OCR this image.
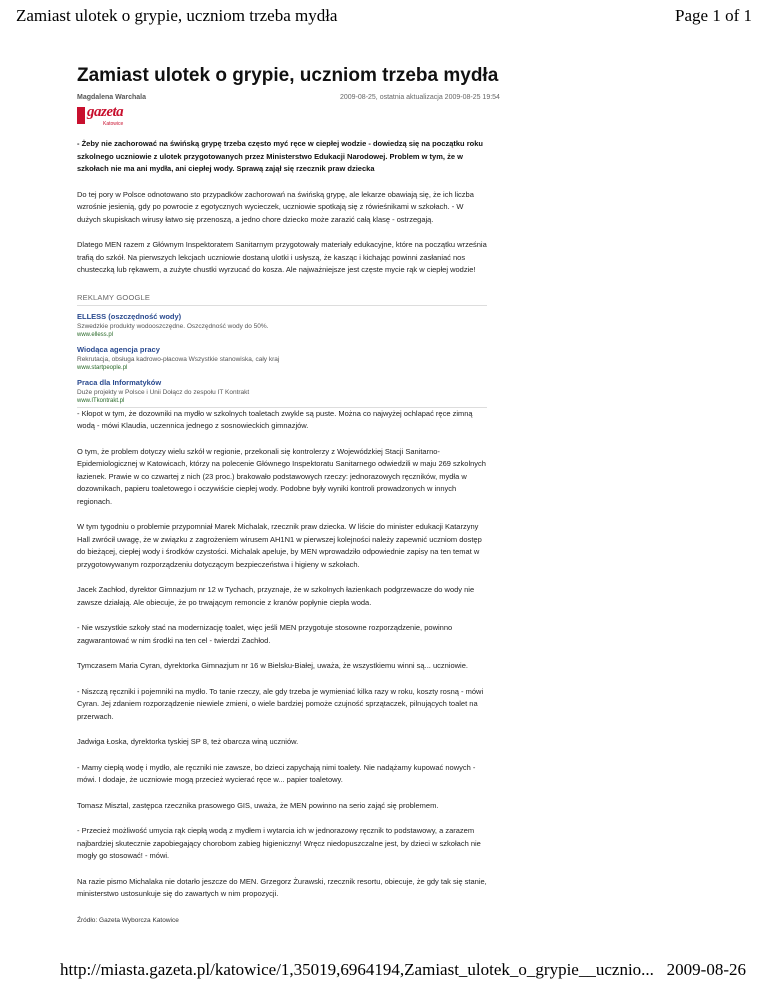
Zamiast ulotek o grypie, uczniom trzeba mydła	Page 1 of 1
Zamiast ulotek o grypie, uczniom trzeba mydła
Magdalena Warchala	2009-08-25, ostatnia aktualizacja 2009-08-25 19:54
gazeta
Katowice

- Żeby nie zachorować na świńską grypę trzeba często myć ręce w ciepłej wodzie - dowiedzą się na początku roku szkolnego uczniowie z ulotek przygotowanych przez Ministerstwo Edukacji Narodowej. Problem w tym, że w szkołach nie ma ani mydła, ani ciepłej wody. Sprawą zajął się rzecznik praw dziecka

Do tej pory w Polsce odnotowano sto przypadków zachorowań na świńską grypę, ale lekarze obawiają się, że ich liczba wzrośnie jesienią, gdy po powrocie z egotycznych wycieczek, uczniowie spotkają się z rówieśnikami w szkołach. - W dużych skupiskach wirusy łatwo się przenoszą, a jedno chore dziecko może zarazić całą klasę - ostrzegają.

Dlatego MEN razem z Głównym Inspektoratem Sanitarnym przygotowały materiały edukacyjne, które na początku września trafią do szkół. Na pierwszych lekcjach uczniowie dostaną ulotki i usłyszą, że kasząc i kichając powinni zasłaniać nos chusteczką lub rękawem, a zużyte chustki wyrzucać do kosza. Ale najważniejsze jest częste mycie rąk w ciepłej wodzie!

REKLAMY GOOGLE
ELLESS (oszczędność wody)
Szwedzkie produkty wodooszczędne. Oszczędność wody do 50%.
www.elless.pl
Wiodąca agencja pracy
Rekrutacja, obsługa kadrowo-płacowa Wszystkie stanowiska, cały kraj
www.startpeople.pl
Praca dla Informatyków
Duże projekty w Polsce i Unii Dołącz do zespołu IT Kontrakt
www.ITkontrakt.pl

- Kłopot w tym, że dozowniki na mydło w szkolnych toaletach zwykle są puste. Można co najwyżej ochlapać ręce zimną wodą - mówi Klaudia, uczennica jednego z sosnowieckich gimnazjów.

O tym, że problem dotyczy wielu szkół w regionie, przekonali się kontrolerzy z Wojewódzkiej Stacji Sanitarno-Epidemiologicznej w Katowicach, którzy na polecenie Głównego Inspektoratu Sanitarnego odwiedzili w maju 269 szkolnych łazienek. Prawie w co czwartej z nich (23 proc.) brakowało podstawowych rzeczy: jednorazowych ręczników, mydła w dozownikach, papieru toaletowego i oczywiście ciepłej wody. Podobne były wyniki kontroli prowadzonych w innych regionach.

W tym tygodniu o problemie przypomniał Marek Michalak, rzecznik praw dziecka. W liście do minister edukacji Katarzyny Hall zwrócił uwagę, że w związku z zagrożeniem wirusem AH1N1 w pierwszej kolejności należy zapewnić uczniom dostęp do bieżącej, ciepłej wody i środków czystości. Michalak apeluje, by MEN wprowadziło odpowiednie zapisy na ten temat w przygotowywanym rozporządzeniu dotyczącym bezpieczeństwa i higieny w szkołach.

Jacek Zachłod, dyrektor Gimnazjum nr 12 w Tychach, przyznaje, że w szkolnych łazienkach podgrzewacze do wody nie zawsze działają. Ale obiecuje, że po trwającym remoncie z kranów popłynie ciepła woda.

- Nie wszystkie szkoły stać na modernizację toalet, więc jeśli MEN przygotuje stosowne rozporządzenie, powinno zagwarantować w nim środki na ten cel - twierdzi Zachłod.

Tymczasem Maria Cyran, dyrektorka Gimnazjum nr 16 w Bielsku-Białej, uważa, że wszystkiemu winni są... uczniowie.

- Niszczą ręczniki i pojemniki na mydło. To tanie rzeczy, ale gdy trzeba je wymieniać kilka razy w roku, koszty rosną - mówi Cyran. Jej zdaniem rozporządzenie niewiele zmieni, o wiele bardziej pomoże czujność sprzątaczek, pilnujących toalet na przerwach.

Jadwiga Łoska, dyrektorka tyskiej SP 8, też obarcza winą uczniów.

- Mamy ciepłą wodę i mydło, ale ręczniki nie zawsze, bo dzieci zapychają nimi toalety. Nie nadążamy kupować nowych - mówi. I dodaje, że uczniowie mogą przecież wycierać ręce w... papier toaletowy.

Tomasz Misztal, zastępca rzecznika prasowego GIS, uważa, że MEN powinno na serio zająć się problemem.

- Przecież możliwość umycia rąk ciepłą wodą z mydłem i wytarcia ich w jednorazowy ręcznik to podstawowy, a zarazem najbardziej skutecznie zapobiegający chorobom zabieg higieniczny! Wręcz niedopuszczalne jest, by dzieci w szkołach nie mogły go stosować! - mówi.

Na razie pismo Michalaka nie dotarło jeszcze do MEN. Grzegorz Żurawski, rzecznik resortu, obiecuje, że gdy tak się stanie, ministerstwo ustosunkuje się do zawartych w nim propozycji.

Źródło: Gazeta Wyborcza Katowice

http://miasta.gazeta.pl/katowice/1,35019,6964194,Zamiast_ulotek_o_grypie__ucznio... 2009-08-26
